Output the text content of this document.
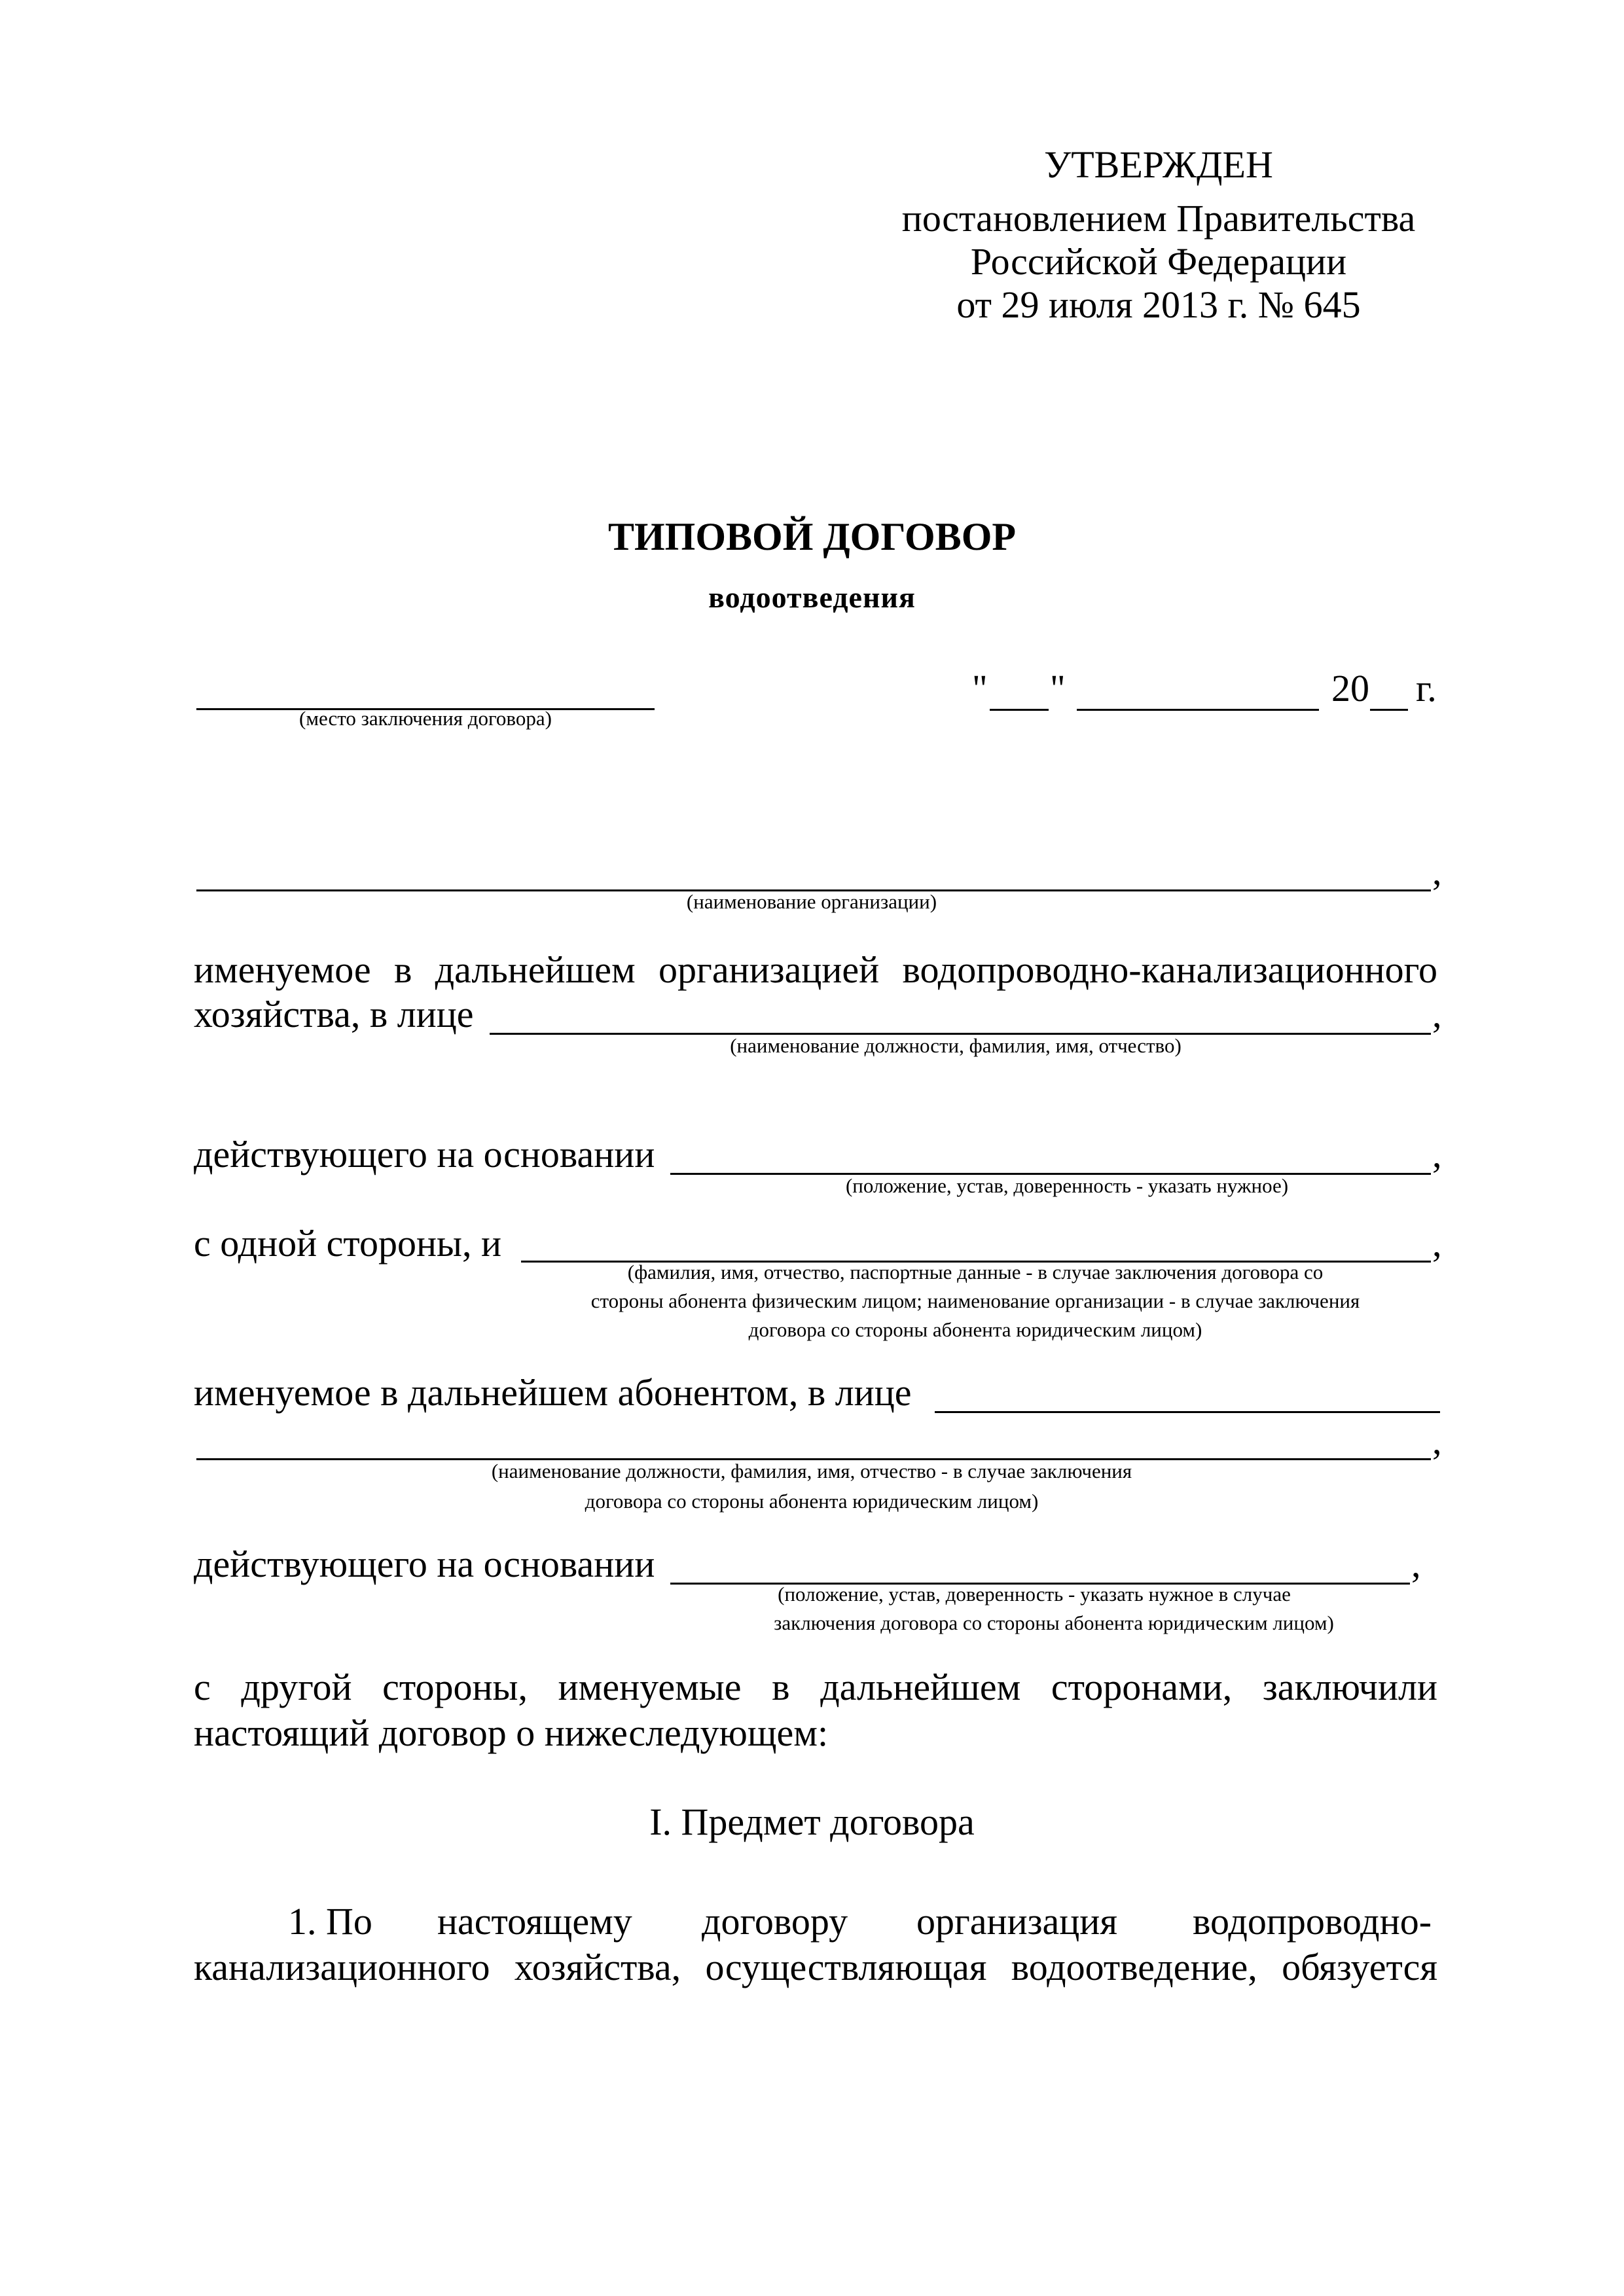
УТВЕРЖДЕН
постановлением Правительства
Российской Федерации
от 29 июля 2013 г. № 645
ТИПОВОЙ ДОГОВОР
водоотведения
(место заключения договора)
" "	20 г.
,
(наименование организации)
именуемое в дальнейшем организацией водопроводно-канализационного
хозяйства, в лице	,
(наименование должности, фамилия, имя, отчество)
действующего на основании	,
(положение, устав, доверенность - указать нужное)
с одной стороны, и	,
(фамилия, имя, отчество, паспортные данные - в случае заключения договора со
стороны абонента физическим лицом; наименование организации - в случае заключения
договора со стороны абонента юридическим лицом)
именуемое в дальнейшем абонентом, в лице
,
(наименование должности, фамилия, имя, отчество - в случае заключения
договора со стороны абонента юридическим лицом)
действующего на основании	,
(положение, устав, доверенность - указать нужное в случае
заключения договора со стороны абонента юридическим лицом)
с другой стороны, именуемые в дальнейшем сторонами, заключили
настоящий договор о нижеследующем:
I. Предмет договора
1. По настоящему договору организация водопроводно-
канализационного хозяйства, осуществляющая водоотведение, обязуется
